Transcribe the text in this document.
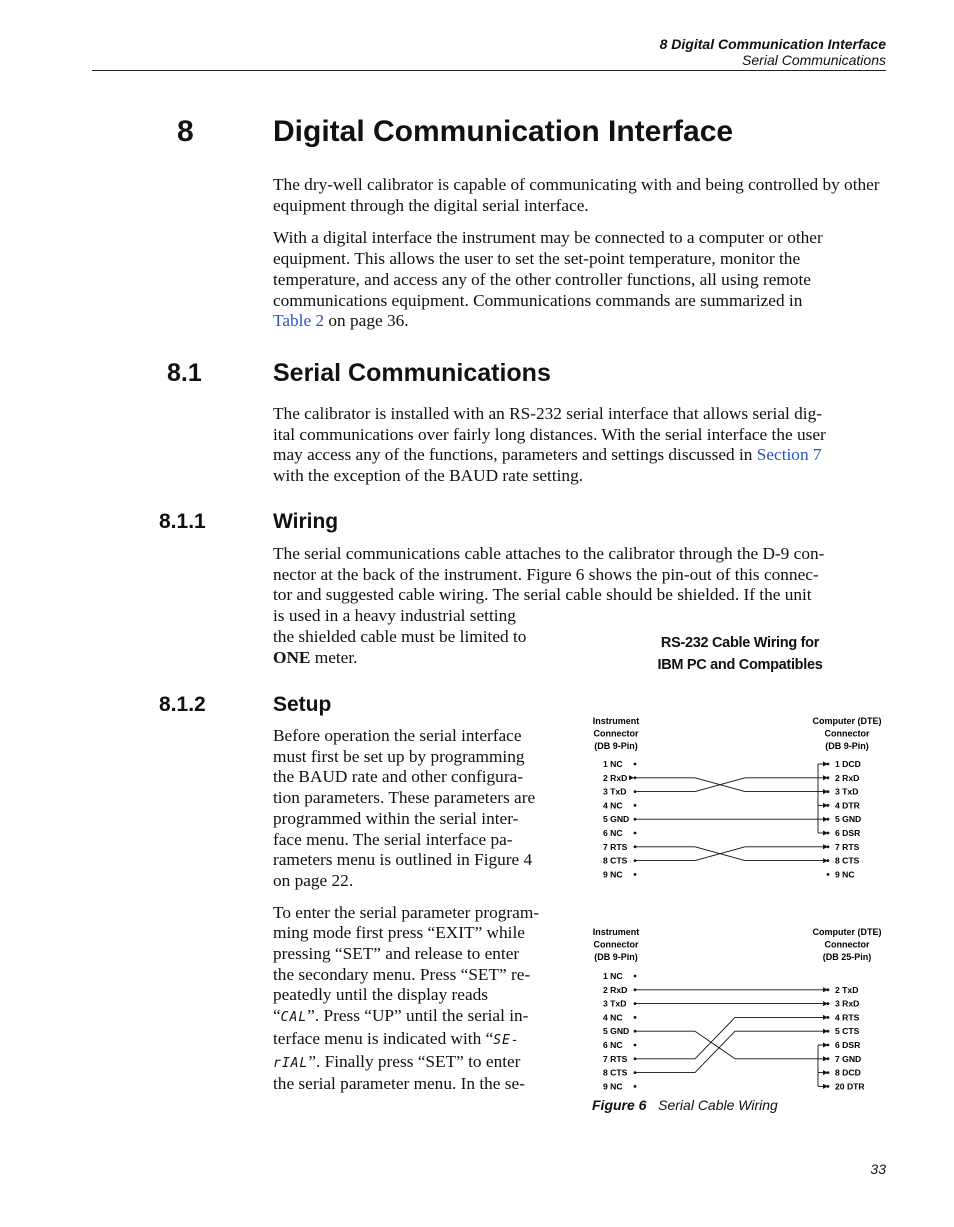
8 Digital Communication Interface
Serial Communications
8	Digital Communication Interface

The dry-well calibrator is capable of communicating with and being controlled by other equipment through the digital serial interface.

With a digital interface the instrument may be connected to a computer or other
equipment. This allows the user to set the set-point temperature, monitor the
temperature, and access any of the other controller functions, all using remote
communications equipment. Communications commands are summarized in
Table 2 on page 36.

8.1	Serial Communications

The calibrator is installed with an RS-232 serial interface that allows serial dig-
ital communications over fairly long distances. With the serial interface the user
may access any of the functions, parameters and settings discussed in Section 7
with the exception of the BAUD rate setting.

8.1.1	Wiring

The serial communications cable attaches to the calibrator through the D-9 con-
nector at the back of the instrument. Figure 6 shows the pin-out of this connec-
tor and suggested cable wiring. The serial cable should be shielded. If the unit
is used in a heavy industrial setting
the shielded cable must be limited to
ONE meter.

8.1.2	Setup

Before operation the serial interface
must first be set up by programming
the BAUD rate and other configura-
tion parameters. These parameters are
programmed within the serial inter-
face menu. The serial interface pa-
rameters menu is outlined in Figure 4
on page 22.

To enter the serial parameter program-
ming mode first press “EXIT” while
pressing “SET” and release to enter
the secondary menu. Press “SET” re-
peatedly until the display reads
“CAL”. Press “UP” until the serial in-
terface menu is indicated with “SE-
rIAL”. Finally press “SET” to enter
the serial parameter menu. In the se-

RS-232 Cable Wiring for
IBM PC and Compatibles
Instrument
Connector
(DB 9-Pin)
Computer (DTE)
Connector
(DB 9-Pin)
1 NC
2 RxD
3 TxD
4 NC
5 GND
6 NC
7 RTS
8 CTS
9 NC
1 DCD
2 RxD
3 TxD
4 DTR
5 GND
6 DSR
7 RTS
8 CTS
9 NC
Instrument
Connector
(DB 9-Pin)
Computer (DTE)
Connector
(DB 25-Pin)
1 NC
2 RxD
3 TxD
4 NC
5 GND
6 NC
7 RTS
8 CTS
9 NC
2 TxD
3 RxD
4 RTS
5 CTS
6 DSR
7 GND
8 DCD
20 DTR
Figure 6 Serial Cable Wiring
33
